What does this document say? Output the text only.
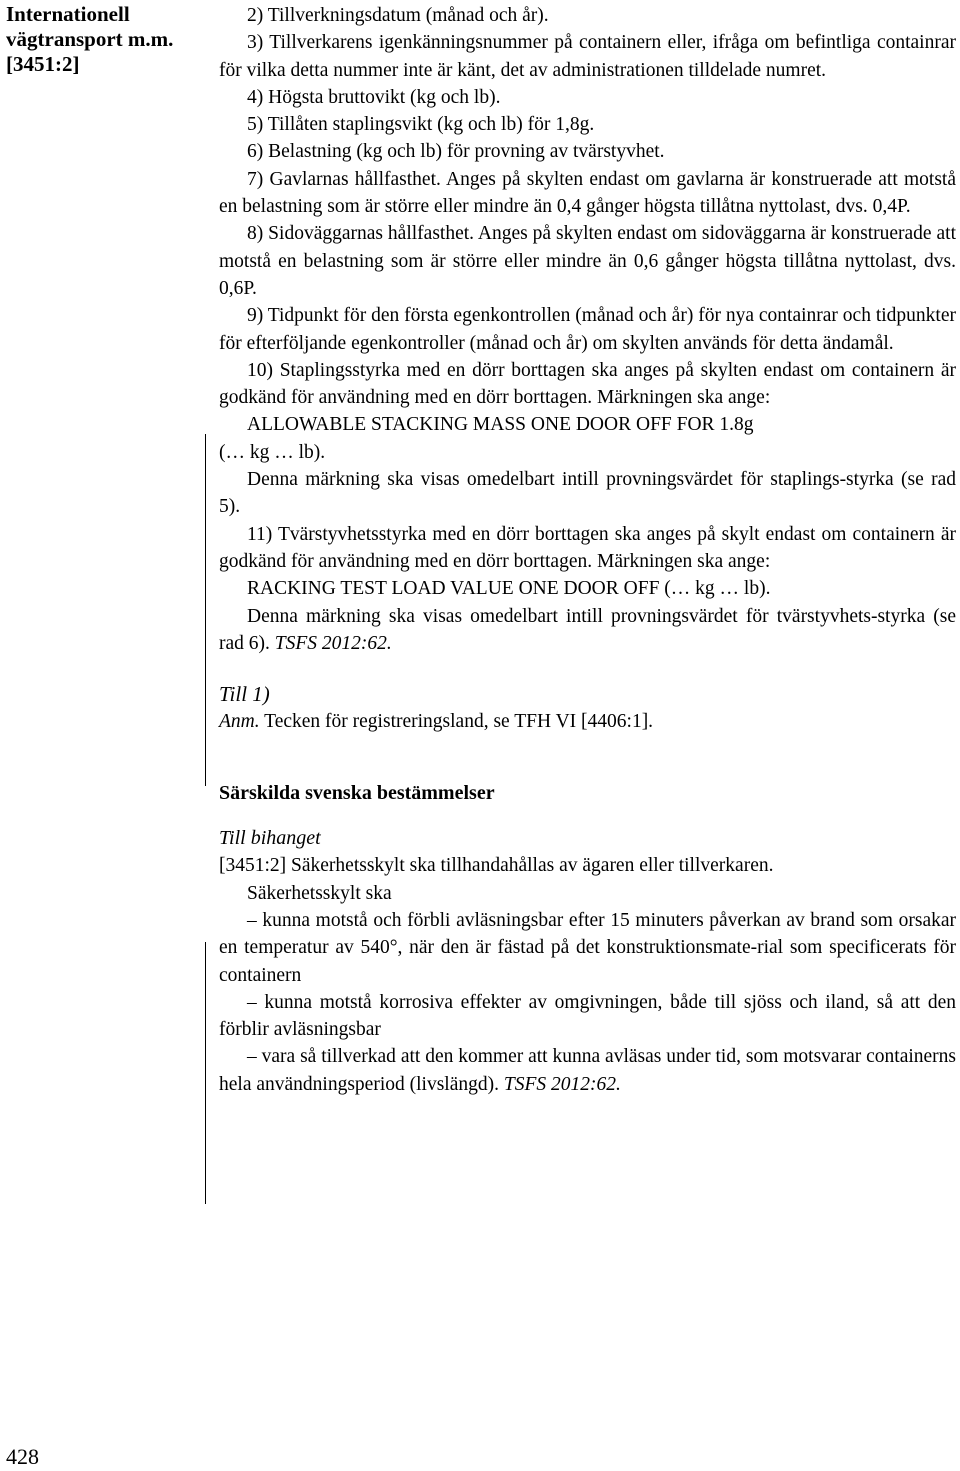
Internationell
vägtransport m.m.
[3451:2]

2) Tillverkningsdatum (månad och år).

3) Tillverkarens igenkänningsnummer på containern eller, ifråga om befintliga containrar för vilka detta nummer inte är känt, det av administrationen tilldelade numret.

4) Högsta bruttovikt (kg och lb).

5) Tillåten staplingsvikt (kg och lb) för 1,8g.

6) Belastning (kg och lb) för provning av tvärstyvhet.

7) Gavlarnas hållfasthet. Anges på skylten endast om gavlarna är konstruerade att motstå en belastning som är större eller mindre än 0,4 gånger högsta tillåtna nyttolast, dvs. 0,4P.

8) Sidoväggarnas hållfasthet. Anges på skylten endast om sidoväggarna är konstruerade att motstå en belastning som är större eller mindre än 0,6 gånger högsta tillåtna nyttolast, dvs. 0,6P.

9) Tidpunkt för den första egenkontrollen (månad och år) för nya containrar och tidpunkter för efterföljande egenkontroller (månad och år) om skylten används för detta ändamål.

10) Staplingsstyrka med en dörr borttagen ska anges på skylten endast om containern är godkänd för användning med en dörr borttagen. Märkningen ska ange:

ALLOWABLE STACKING MASS ONE DOOR OFF FOR 1.8g

(… kg … lb).

Denna märkning ska visas omedelbart intill provningsvärdet för staplings-styrka (se rad 5).

11) Tvärstyvhetsstyrka med en dörr borttagen ska anges på skylt endast om containern är godkänd för användning med en dörr borttagen. Märkningen ska ange:

RACKING TEST LOAD VALUE ONE DOOR OFF (… kg … lb).

Denna märkning ska visas omedelbart intill provningsvärdet för tvärstyvhets-styrka (se rad 6). TSFS 2012:62.

Till 1)

Anm. Tecken för registreringsland, se TFH VI [4406:1].

Särskilda svenska bestämmelser

Till bihanget

[3451:2] Säkerhetsskylt ska tillhandahållas av ägaren eller tillverkaren.

Säkerhetsskylt ska

– kunna motstå och förbli avläsningsbar efter 15 minuters påverkan av brand som orsakar en temperatur av 540°, när den är fästad på det konstruktionsmate-rial som specificerats för containern

– kunna motstå korrosiva effekter av omgivningen, både till sjöss och iland, så att den förblir avläsningsbar

– vara så tillverkad att den kommer att kunna avläsas under tid, som motsvarar containerns hela användningsperiod (livslängd). TSFS 2012:62.

428
